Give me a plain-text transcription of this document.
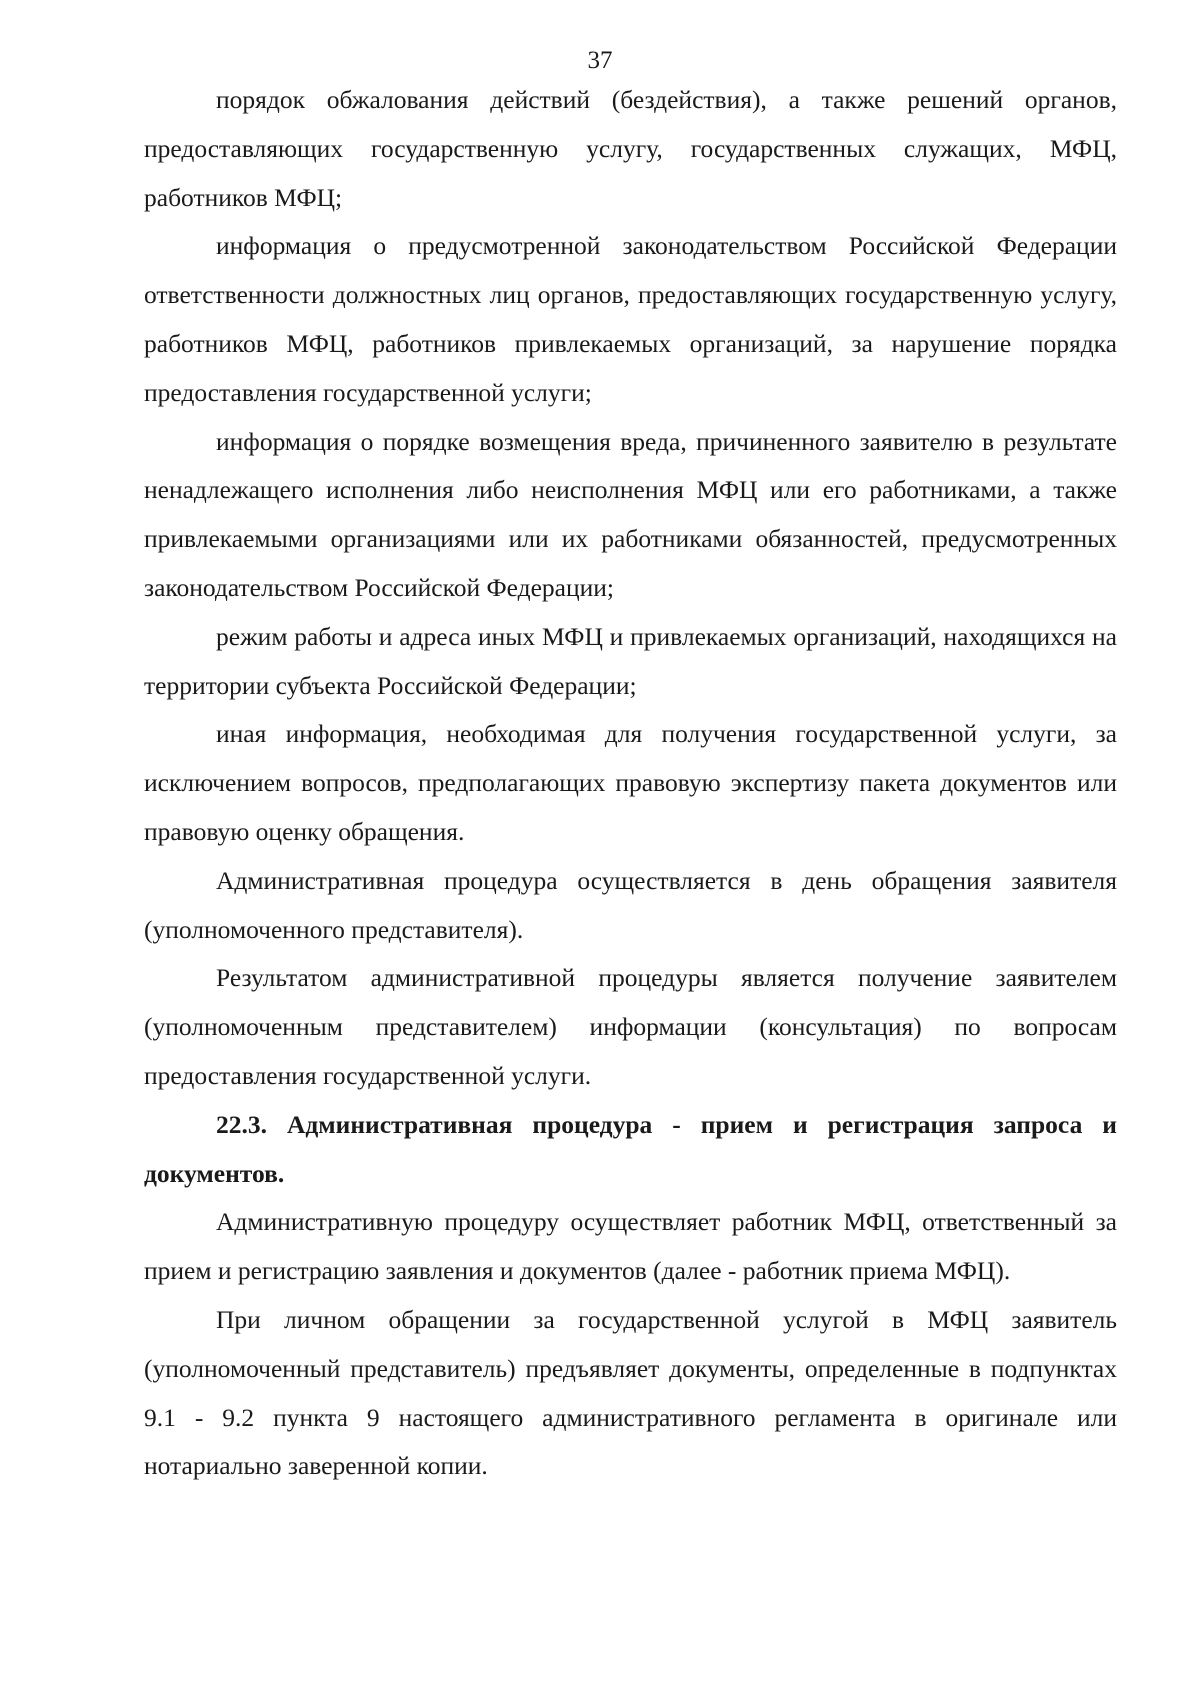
37

порядок обжалования действий (бездействия), а также решений органов, предоставляющих государственную услугу, государственных служащих, МФЦ, работников МФЦ;

информация о предусмотренной законодательством Российской Федерации ответственности должностных лиц органов, предоставляющих государственную услугу, работников МФЦ, работников привлекаемых организаций, за нарушение порядка предоставления государственной услуги;

информация о порядке возмещения вреда, причиненного заявителю в результате ненадлежащего исполнения либо неисполнения МФЦ или его работниками, а также привлекаемыми организациями или их работниками обязанностей, предусмотренных законодательством Российской Федерации;

режим работы и адреса иных МФЦ и привлекаемых организаций, находящихся на территории субъекта Российской Федерации;

иная информация, необходимая для получения государственной услуги, за исключением вопросов, предполагающих правовую экспертизу пакета документов или правовую оценку обращения.

Административная процедура осуществляется в день обращения заявителя (уполномоченного представителя).

Результатом административной процедуры является получение заявителем (уполномоченным представителем) информации (консультация) по вопросам предоставления государственной услуги.

22.3. Административная процедура - прием и регистрация запроса и документов.

Административную процедуру осуществляет работник МФЦ, ответственный за прием и регистрацию заявления и документов (далее - работник приема МФЦ).

При личном обращении за государственной услугой в МФЦ заявитель (уполномоченный представитель) предъявляет документы, определенные в подпунктах 9.1 - 9.2 пункта 9 настоящего административного регламента в оригинале или нотариально заверенной копии.
